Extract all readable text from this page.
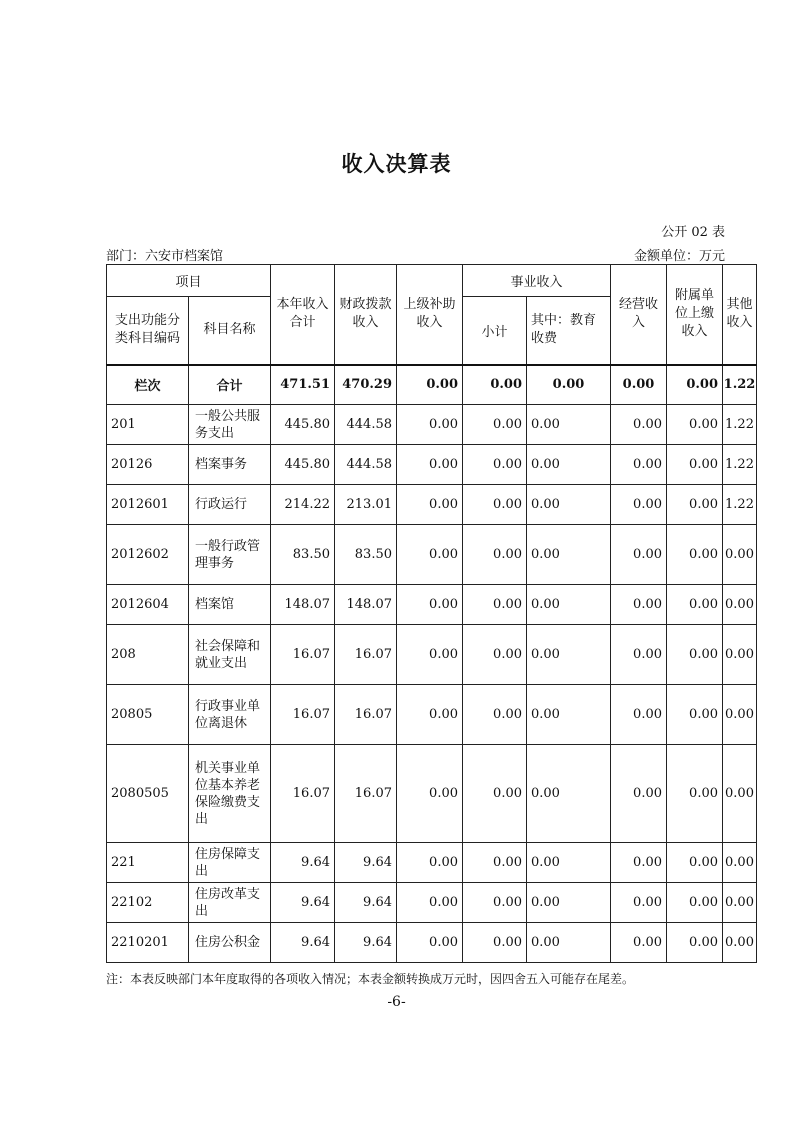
收入决算表
公开 02 表
部门：六安市档案馆	金额单位：万元
项目		本年收入合计	财政拨款收入	上级补助收入	事业收入		经营收入	附属单位上缴收入	其他收入
支出功能分类科目编码	科目名称				小计	其中：教育收费			
栏次	合计	471.51	470.29	0.00	0.00	0.00	0.00	0.00	1.22
201	一般公共服务支出	445.80	444.58	0.00	0.00	0.00	0.00	0.00	1.22
20126	档案事务	445.80	444.58	0.00	0.00	0.00	0.00	0.00	1.22
2012601	行政运行	214.22	213.01	0.00	0.00	0.00	0.00	0.00	1.22
2012602	一般行政管理事务	83.50	83.50	0.00	0.00	0.00	0.00	0.00	0.00
2012604	档案馆	148.07	148.07	0.00	0.00	0.00	0.00	0.00	0.00
208	社会保障和就业支出	16.07	16.07	0.00	0.00	0.00	0.00	0.00	0.00
20805	行政事业单位离退休	16.07	16.07	0.00	0.00	0.00	0.00	0.00	0.00
2080505	机关事业单位基本养老保险缴费支出	16.07	16.07	0.00	0.00	0.00	0.00	0.00	0.00
221	住房保障支出	9.64	9.64	0.00	0.00	0.00	0.00	0.00	0.00
22102	住房改革支出	9.64	9.64	0.00	0.00	0.00	0.00	0.00	0.00
2210201	住房公积金	9.64	9.64	0.00	0.00	0.00	0.00	0.00	0.00
注：本表反映部门本年度取得的各项收入情况；本表金额转换成万元时，因四舍五入可能存在尾差。
-6-
